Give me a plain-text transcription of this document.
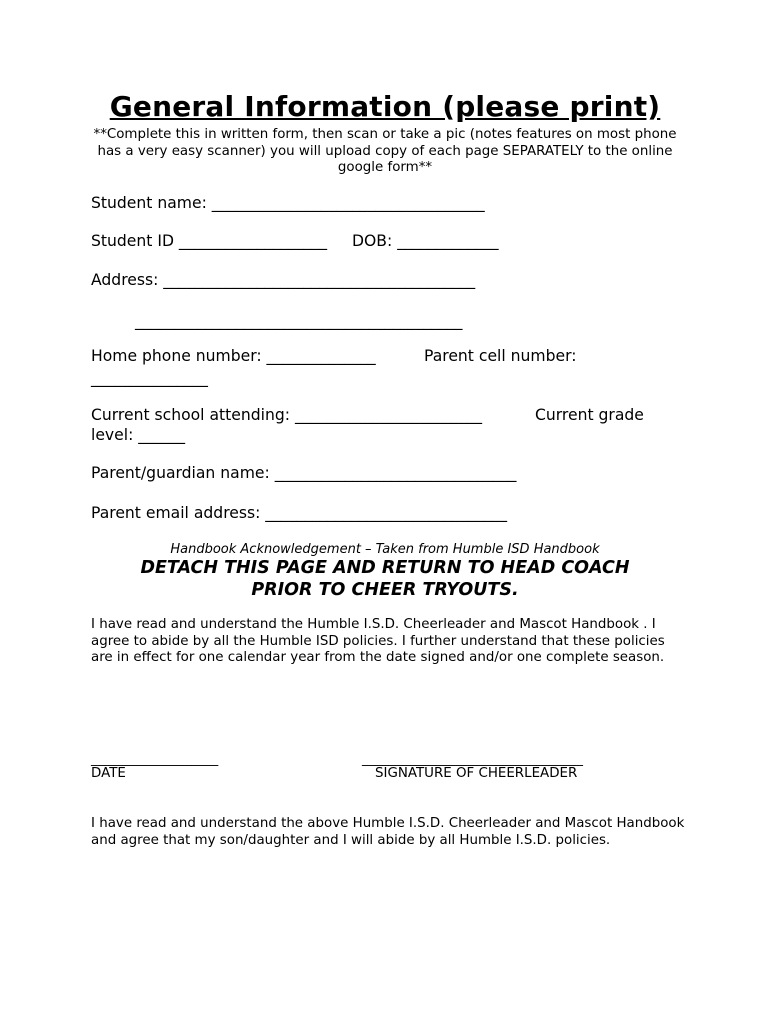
General Information (please print)
**Complete this in written form, then scan or take a pic (notes features on most phone has a very easy scanner) you will upload copy of each page SEPARATELY to the online google form**
Student name: ___________________________________
Student ID ___________________ DOB: _____________
Address: ________________________________________
__________________________________________
Home phone number: ______________	Parent cell number:
_______________
Current school attending: ________________________	Current grade
level: ______
Parent/guardian name: _______________________________
Parent email address: _______________________________
Handbook Acknowledgement – Taken from Humble ISD Handbook
DETACH THIS PAGE AND RETURN TO HEAD COACH
PRIOR TO CHEER TRYOUTS.
I have read and understand the Humble I.S.D. Cheerleader and Mascot Handbook . I agree to abide by all the Humble ISD policies. I further understand that these policies are in effect for one calendar year from the date signed and/or one complete season.
___________________
DATE
_________________________________
SIGNATURE OF CHEERLEADER
I have read and understand the above Humble I.S.D. Cheerleader and Mascot Handbook and agree that my son/daughter and I will abide by all Humble I.S.D. policies.
